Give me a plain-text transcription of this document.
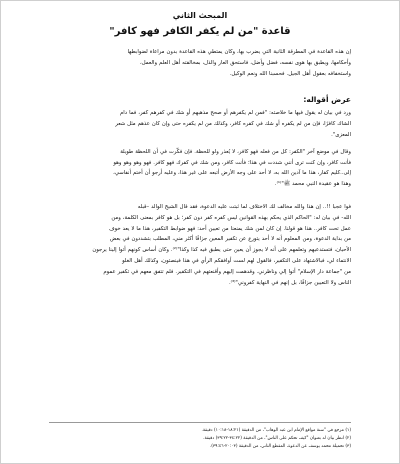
المبحث الثاني
قاعدة "من لم يكفر الكافر فهو كافر"
إن هذه القاعدة في المطرقة الثانية التي يضرب بها، وكان يمتطي هذه القاعدة بدون مراعاة لضوابطها
وأحكامها، ويطبق بها هوى نفسه، فضل وأضل، فاستحق العار والذل، بمخالفته أهل العلم والعمل،
واستخفافه بعقول أهل الجيل. فحسبنا الله ونعم الوكيل.
عرض أقواله:
ورد في بيان له يقول فيها ما خلاصته: "فمن لم يكفرهم أو صحح مذهبهم أو شك في كفرهم كفر، فما دام
الشاك كافرًا، فإن من لم يكفره أو شك في كفره كافر، وكذلك من لم يكفره حتى وإن كان عذهم مثل شعر
المعزى".
وقال في موضع آخر "الكفر: كل من فعله فهو كافر، لا يُعذر ولو للحظة. فإن فكّرت في أن اللحظة طويلة
فأنت كافر، وإن كنت ترى أنني شددت في هذا؛ فأنت كافر، ومن شك في كفرك فهو كافر. فهو وهو وهو وهو
إلى..كليم كفار، هذا ما آدين الله به، لا أحد على وجه الأرض أتبعه على غير هذا، وعليه أرجو أن أختم أنفاسي،
وهذا هو عقيدة النبي محمد ﷺ"⁽¹⁾.
فوا عجبا !!.. إن هذا والله مخالف لك الاختلاف لما ثبتت عليه الدعوة، فقد قال الشيخ الوالد –قبله
الله- في بيان له: "الحاكم الذي يحكم بهذه القوانين ليس كفره كفر دون كفر؛ بل هو كافر بمعنى الكلمة، ومن
عمل تحت كافر.. هذا هو قولنا. إن كان لمن شك يمنعنا من تعيين أحد: فهو ضوابط التكفير، هذا ما لا يعد خوف
من بداية الدعوة، ومن المعلوم أنه لا أحد يتورع عن تكفير المعين جزافًا أكثر مني، المطلب بتشددون في بعض
الأحيان، فتستدعيهم وتعلمهم على أنه لا يجوز أن يعين حتى يطبق فيه كذا وكذا"⁽²⁾. وكان أساس كونهم أتوا إلينا يرجون
الانتماء لي، فبالاشتهاد على التكفير، فالقول لهم لست أوافقكم الرأي في هذا فينصتون، وكذلك أهل الغلو
من "جماعة دار الإسلام" أتوا إلي وناظرني. وقدهمت إليهم وأقنعتهم في التكفير. فلم تتفق معهم في تكفير عموم
الناس ولا التعيين جزافًا، بل إنهم في النهاية كفروني"⁽³⁾.
(١) مرجع في "سنة مواقع الإمام ابن عبد الوهاب"، من الدقيقة (١٨:٢١-١٠:١٨) دقيقة.
(٢) انظر بيان له بعنوان "كيف تحكم على الناس"، من الدقيقة (٣٤:٢٢-٣٩:٢٢) دقيقة.
(٣) تحميلة محمد يوسف عن الدعوة، المقطع الثاني، من الدقيقة (٢٠:٠٣-٣٩:٤٦).
